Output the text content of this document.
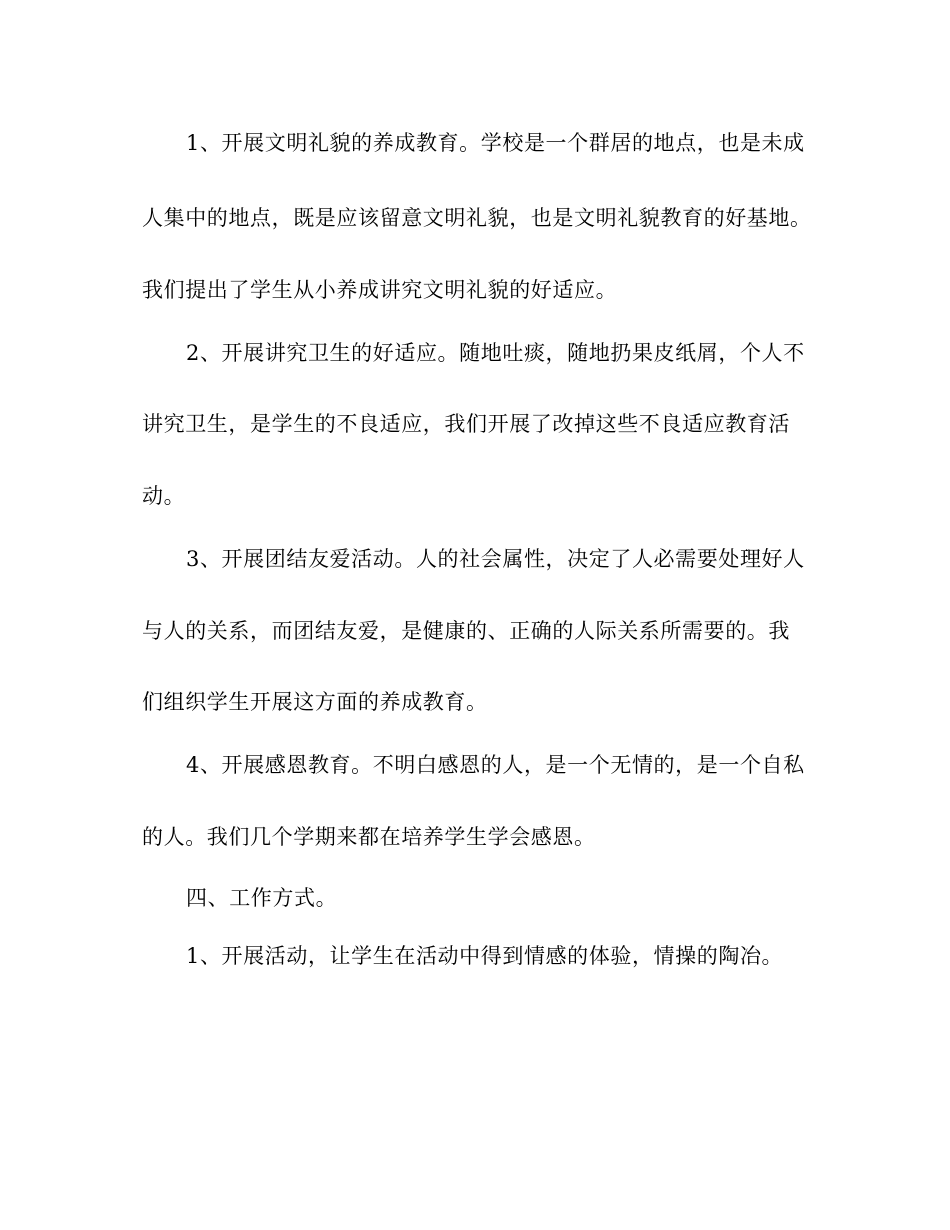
1、开展文明礼貌的养成教育。学校是一个群居的地点，也是未成
人集中的地点，既是应该留意文明礼貌，也是文明礼貌教育的好基地。
我们提出了学生从小养成讲究文明礼貌的好适应。
2、开展讲究卫生的好适应。随地吐痰，随地扔果皮纸屑，个人不
讲究卫生，是学生的不良适应，我们开展了改掉这些不良适应教育活
动。
3、开展团结友爱活动。人的社会属性，决定了人必需要处理好人
与人的关系，而团结友爱，是健康的、正确的人际关系所需要的。我
们组织学生开展这方面的养成教育。
4、开展感恩教育。不明白感恩的人，是一个无情的，是一个自私
的人。我们几个学期来都在培养学生学会感恩。
四、工作方式。
1、开展活动，让学生在活动中得到情感的体验，情操的陶冶。
